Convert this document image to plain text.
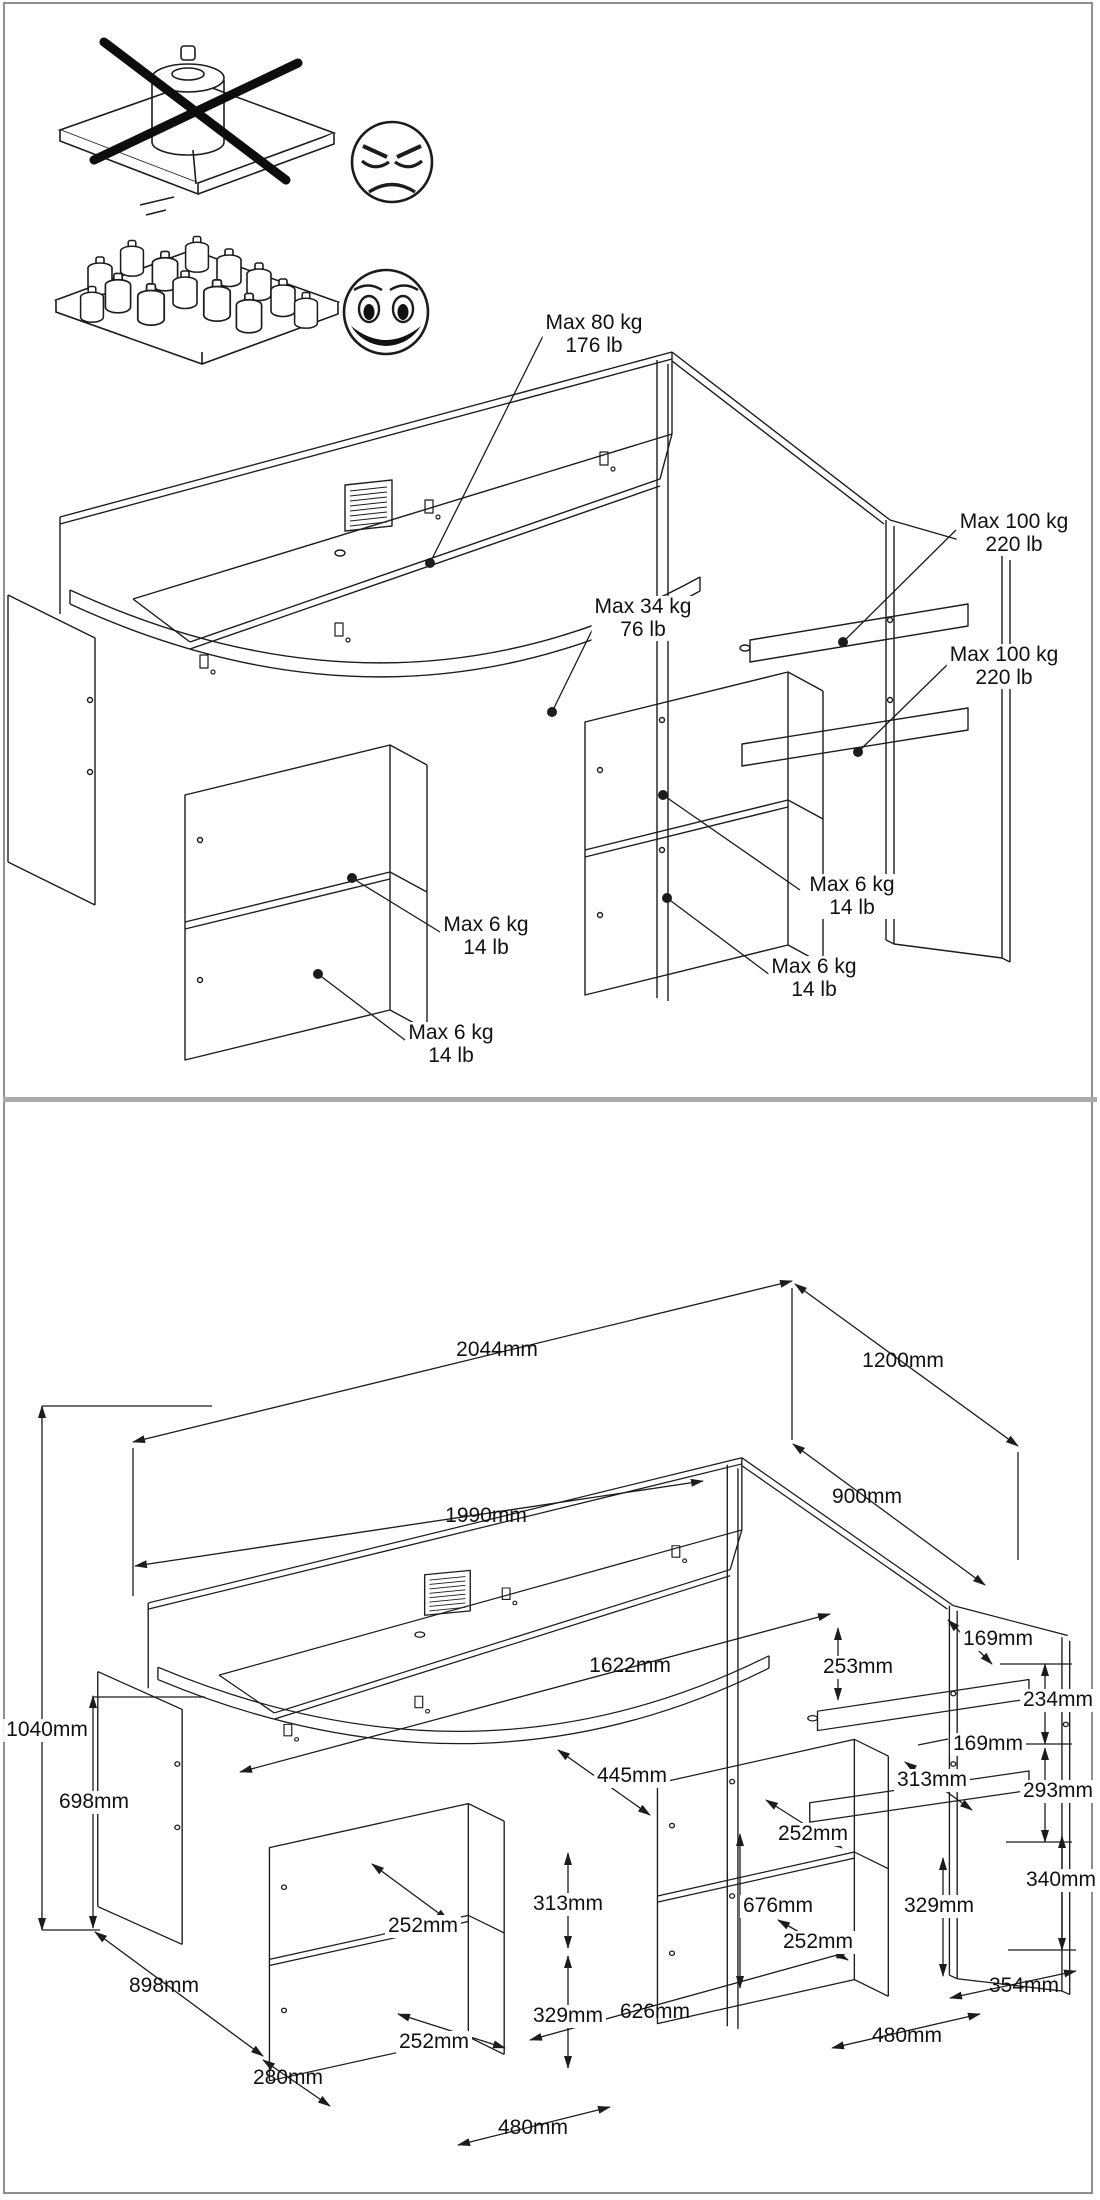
Max 80 kg
176 lb
Max 34 kg
76 lb
Max 100 kg
220 lb
Max 100 kg
220 lb
Max 6 kg
14 lb
Max 6 kg
14 lb
Max 6 kg
14 lb
Max 6 kg
14 lb
2044mm	1200mm
1990mm
900mm
1040mm
698mm
898mm
280mm
1622mm	253mm
169mm
234mm
169mm
293mm
340mm
445mm	313mm
252mm
313mm
252mm
329mm
252mm
626mm
480mm
676mm
252mm
329mm
354mm
480mm
